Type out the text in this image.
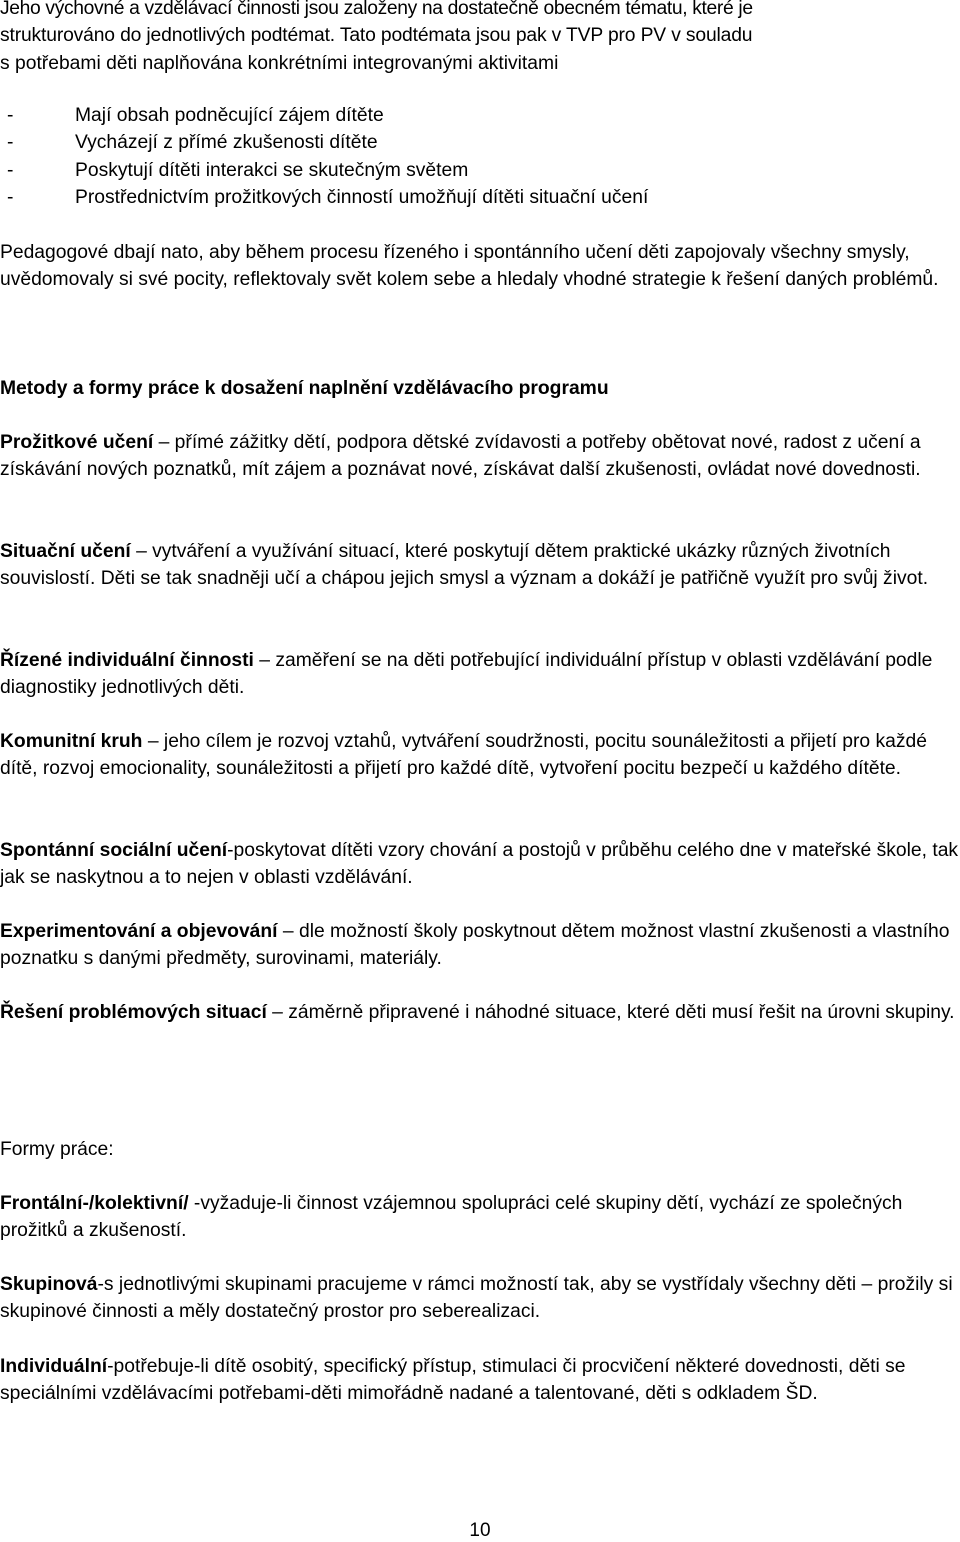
Jeho výchovné a vzdělávací činnosti jsou založeny na dostatečně obecném tématu, které je

strukturováno do jednotlivých podtémat. Tato podtémata jsou pak v TVP pro PV v souladu

s potřebami děti naplňována konkrétními integrovanými aktivitami

-	Mají obsah podněcující zájem dítěte
-	Vycházejí z přímé zkušenosti dítěte
-	Poskytují dítěti interakci se skutečným světem
-	Prostřednictvím prožitkových činností umožňují dítěti situační učení

Pedagogové dbají nato, aby během procesu řízeného i spontánního učení děti zapojovaly všechny smysly, uvědomovaly si své pocity, reflektovaly svět kolem sebe a hledaly vhodné strategie k řešení daných problémů.

Metody a formy práce k dosažení naplnění vzdělávacího programu

Prožitkové učení – přímé zážitky dětí, podpora dětské zvídavosti a potřeby obětovat nové, radost z učení a získávání nových poznatků, mít zájem a poznávat nové, získávat další zkušenosti, ovládat nové dovednosti.

Situační učení – vytváření a využívání situací, které poskytují dětem praktické ukázky různých životních souvislostí. Děti se tak snadněji učí a chápou jejich smysl a význam a dokáží je patřičně využít pro svůj život.

Řízené individuální činnosti – zaměření se na děti potřebující individuální přístup v oblasti vzdělávání podle diagnostiky jednotlivých děti.

Komunitní kruh – jeho cílem je rozvoj vztahů, vytváření soudržnosti, pocitu sounáležitosti a přijetí pro každé dítě, rozvoj emocionality, sounáležitosti a přijetí pro každé dítě, vytvoření pocitu bezpečí u každého dítěte.

Spontánní sociální učení-poskytovat dítěti vzory chování a postojů v průběhu celého dne v mateřské škole, tak jak se naskytnou a to nejen v oblasti vzdělávání.

Experimentování a objevování – dle možností školy poskytnout dětem možnost vlastní zkušenosti a vlastního poznatku s danými předměty, surovinami, materiály.

Řešení problémových situací – záměrně připravené i náhodné situace, které děti musí řešit na úrovni skupiny.

Formy práce:

Frontální-/kolektivní/ -vyžaduje-li činnost vzájemnou spolupráci celé skupiny dětí, vychází ze společných prožitků a zkušeností.

Skupinová-s jednotlivými skupinami pracujeme v rámci možností tak, aby se vystřídaly všechny děti – prožily si skupinové činnosti a měly dostatečný prostor pro seberealizaci.

Individuální-potřebuje-li dítě osobitý, specifický přístup, stimulaci či procvičení některé dovednosti, děti se speciálními vzdělávacími potřebami-děti mimořádně nadané a talentované, děti s odkladem ŠD.

10
